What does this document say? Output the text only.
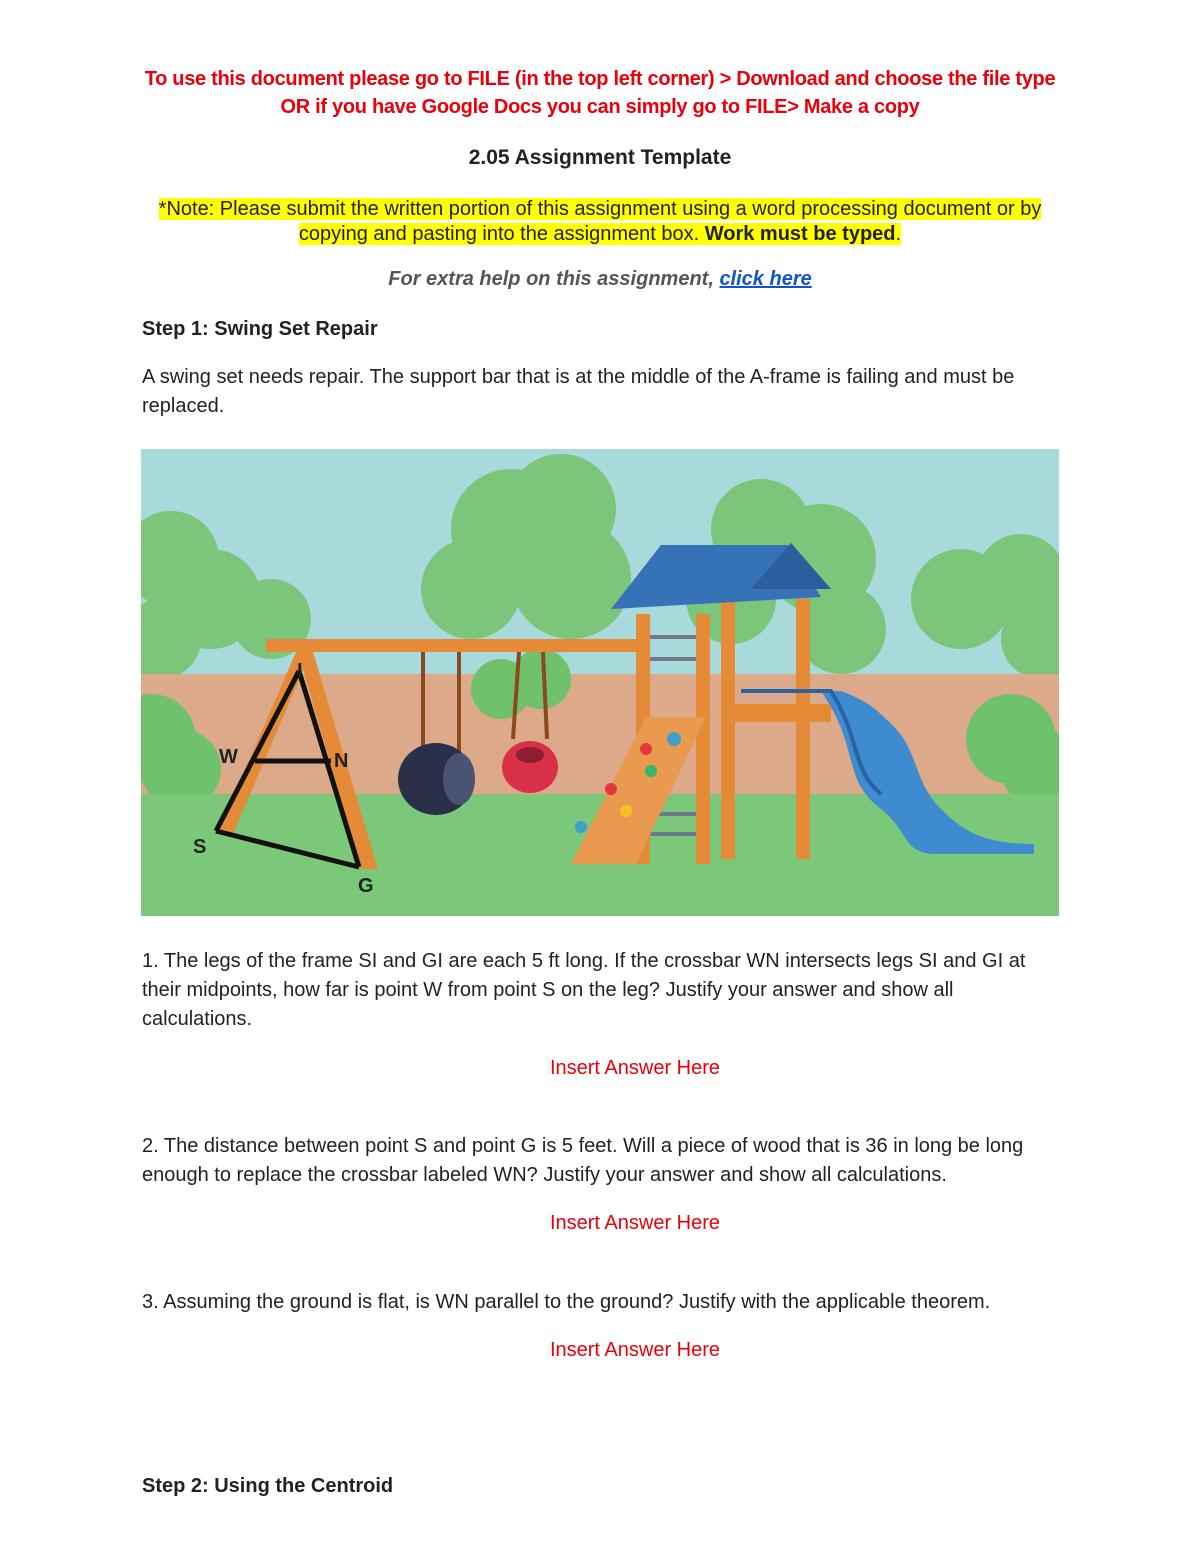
To use this document please go to FILE (in the top left corner) > Download and choose the file type
OR if you have Google Docs you can simply go to FILE> Make a copy
2.05 Assignment Template
*Note: Please submit the written portion of this assignment using a word processing document or by copying and pasting into the assignment box. Work must be typed.
For extra help on this assignment, click here
Step 1: Swing Set Repair
A swing set needs repair. The support bar that is at the middle of the A-frame is failing and must be replaced.
I
W	N
S
G
1. The legs of the frame SI and GI are each 5 ft long. If the crossbar WN intersects legs SI and GI at their midpoints, how far is point W from point S on the leg? Justify your answer and show all calculations.
Insert Answer Here
2. The distance between point S and point G is 5 feet. Will a piece of wood that is 36 in long be long enough to replace the crossbar labeled WN? Justify your answer and show all calculations.
Insert Answer Here
3. Assuming the ground is flat, is WN parallel to the ground? Justify with the applicable theorem.
Insert Answer Here
Step 2: Using the Centroid
